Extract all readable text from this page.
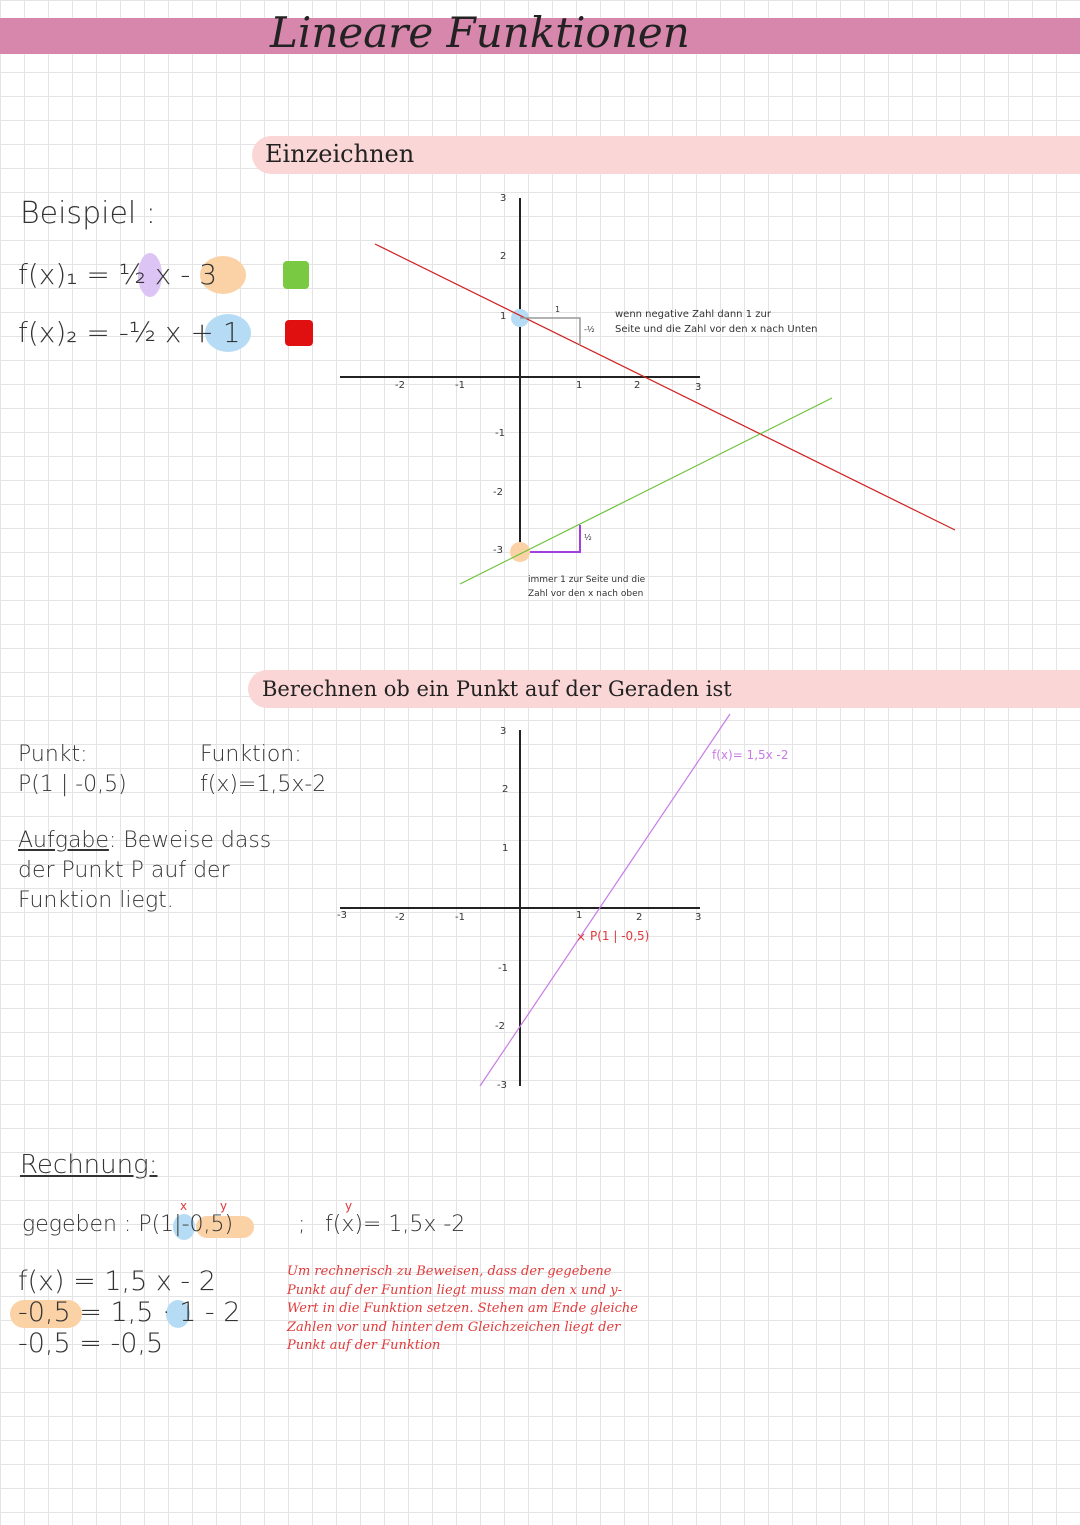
Lineare Funktionen
Einzeichnen
Beispiel :
f(x)₁ = ½ x - 3
f(x)₂ = -½ x + 1
×
-2	-1	1	2	3
3
2
1
-1
-2
-3
1
-½
½
wenn negative Zahl dann 1 zur
Seite und die Zahl vor den x nach Unten
immer 1 zur Seite und die
Zahl vor den x nach oben
Berechnen ob ein Punkt auf der Geraden ist
Punkt:
P(1 | -0,5)
Funktion:
f(x)=1,5x-2
Aufgabe: Beweise dass
der Punkt P auf der
Funktion liegt.
-3	-2	-1	1	2	3
3
2
1
-1
-2
-3
f(x)= 1,5x -2
P(1 | -0,5)
Rechnung:
x	y	y
gegeben : P(1|-0,5)	; f(x)= 1,5x -2
f(x) = 1,5 x - 2
-0,5 = 1,5 · 1 - 2
-0,5 = -0,5
Um rechnerisch zu Beweisen, dass der gegebene Punkt auf der Funtion liegt muss man den x und y-Wert in die Funktion setzen. Stehen am Ende gleiche Zahlen vor und hinter dem Gleichzeichen liegt der Punkt auf der Funktion
